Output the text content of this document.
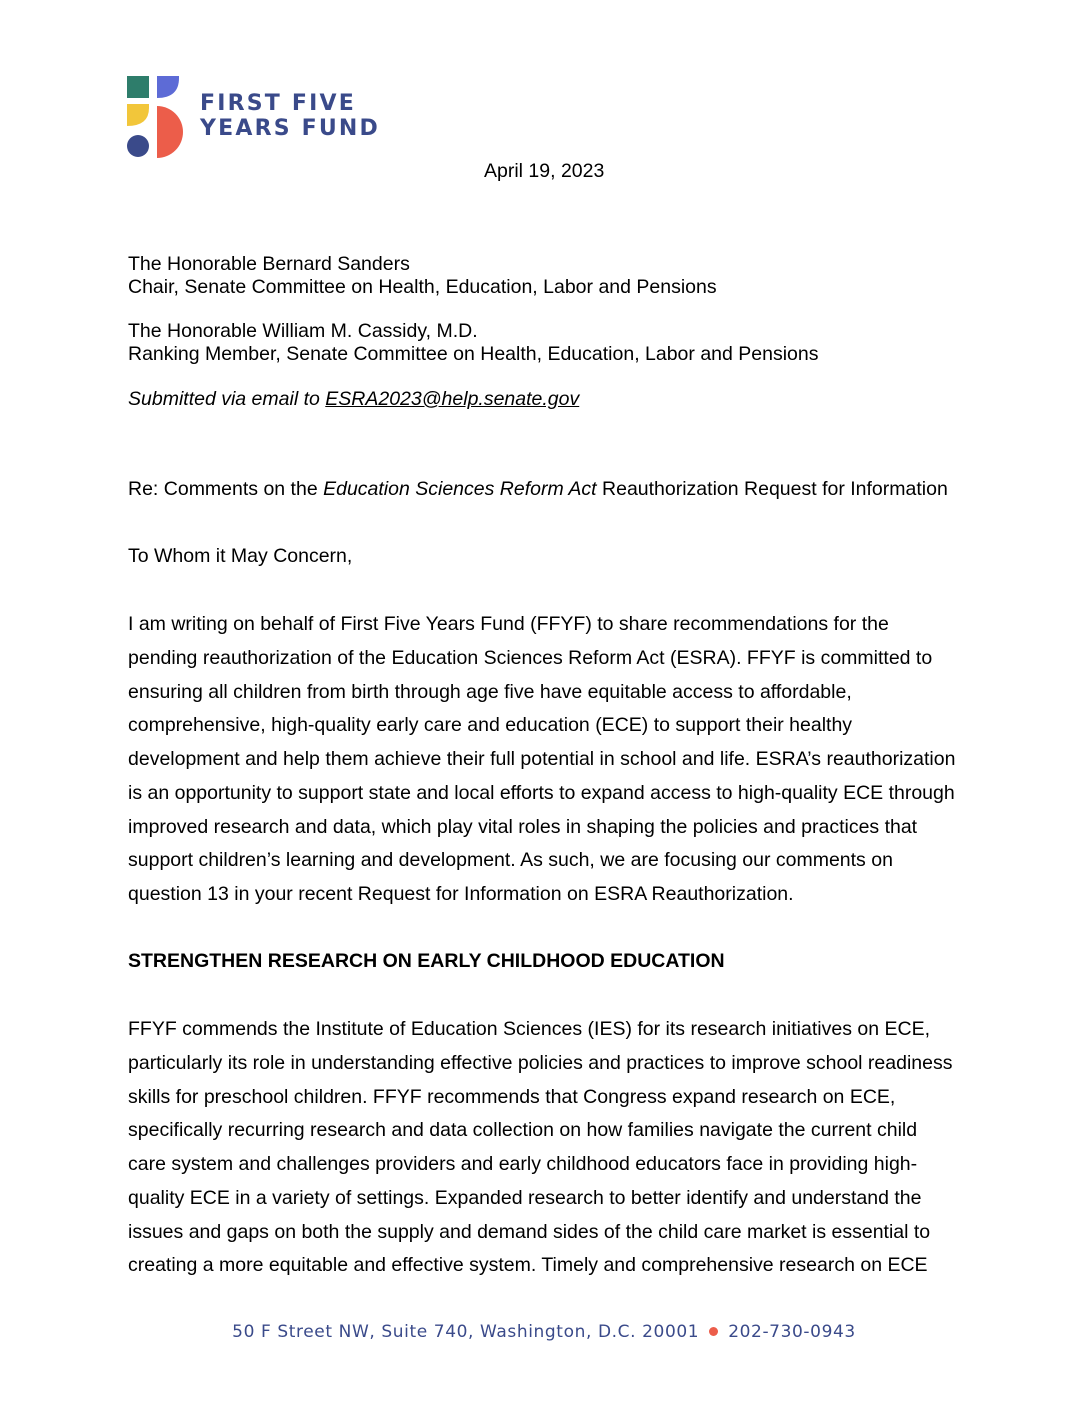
FIRST FIVE
YEARS FUND
April 19, 2023
The Honorable Bernard Sanders
Chair, Senate Committee on Health, Education, Labor and Pensions
The Honorable William M. Cassidy, M.D.
Ranking Member, Senate Committee on Health, Education, Labor and Pensions
Submitted via email to ESRA2023@help.senate.gov
Re: Comments on the Education Sciences Reform Act Reauthorization Request for Information
To Whom it May Concern,
I am writing on behalf of First Five Years Fund (FFYF) to share recommendations for the
pending reauthorization of the Education Sciences Reform Act (ESRA). FFYF is committed to
ensuring all children from birth through age five have equitable access to affordable,
comprehensive, high-quality early care and education (ECE) to support their healthy
development and help them achieve their full potential in school and life. ESRA’s reauthorization
is an opportunity to support state and local efforts to expand access to high-quality ECE through
improved research and data, which play vital roles in shaping the policies and practices that
support children’s learning and development. As such, we are focusing our comments on
question 13 in your recent Request for Information on ESRA Reauthorization.
STRENGTHEN RESEARCH ON EARLY CHILDHOOD EDUCATION
FFYF commends the Institute of Education Sciences (IES) for its research initiatives on ECE,
particularly its role in understanding effective policies and practices to improve school readiness
skills for preschool children. FFYF recommends that Congress expand research on ECE,
specifically recurring research and data collection on how families navigate the current child
care system and challenges providers and early childhood educators face in providing high-
quality ECE in a variety of settings. Expanded research to better identify and understand the
issues and gaps on both the supply and demand sides of the child care market is essential to
creating a more equitable and effective system. Timely and comprehensive research on ECE
50 F Street NW, Suite 740, Washington, D.C. 20001 202-730-0943
